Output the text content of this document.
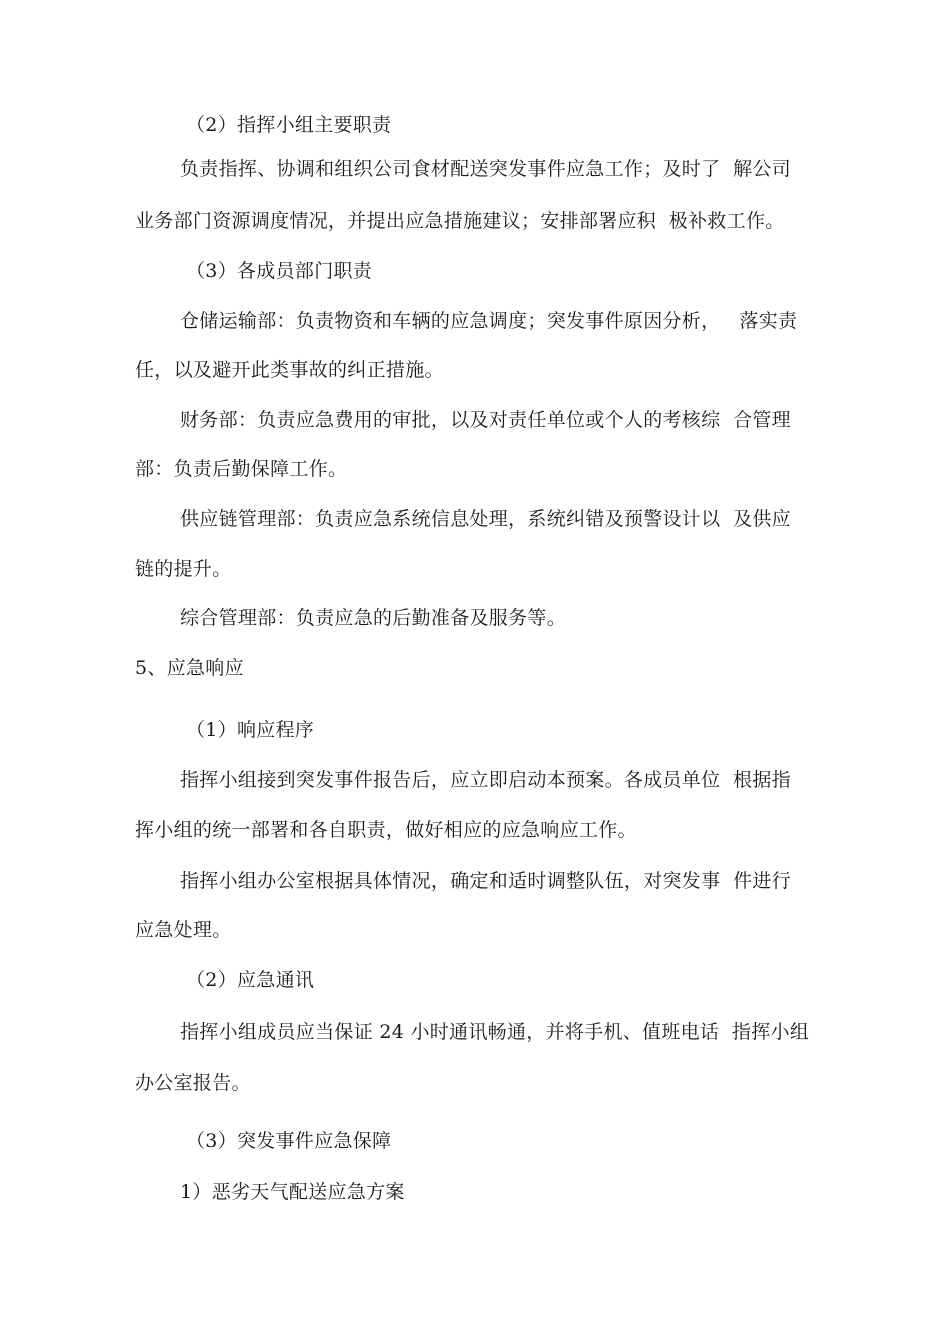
（2）指挥小组主要职责
负责指挥、协调和组织公司食材配送突发事件应急工作；及时了  解公司
业务部门资源调度情况，并提出应急措施建议；安排部署应积  极补救工作。
（3）各成员部门职责
仓储运输部：负责物资和车辆的应急调度；突发事件原因分析，   落实责
任，以及避开此类事故的纠正措施。
财务部：负责应急费用的审批，以及对责任单位或个人的考核综  合管理
部：负责后勤保障工作。
供应链管理部：负责应急系统信息处理，系统纠错及预警设计以  及供应
链的提升。
综合管理部：负责应急的后勤准备及服务等。
5、应急响应
（1）响应程序
指挥小组接到突发事件报告后，应立即启动本预案。各成员单位  根据指
挥小组的统一部署和各自职责，做好相应的应急响应工作。
指挥小组办公室根据具体情况，确定和适时调整队伍，对突发事  件进行
应急处理。
（2）应急通讯
指挥小组成员应当保证 24 小时通讯畅通，并将手机、值班电话  指挥小组
办公室报告。
（3）突发事件应急保障
1）恶劣天气配送应急方案
